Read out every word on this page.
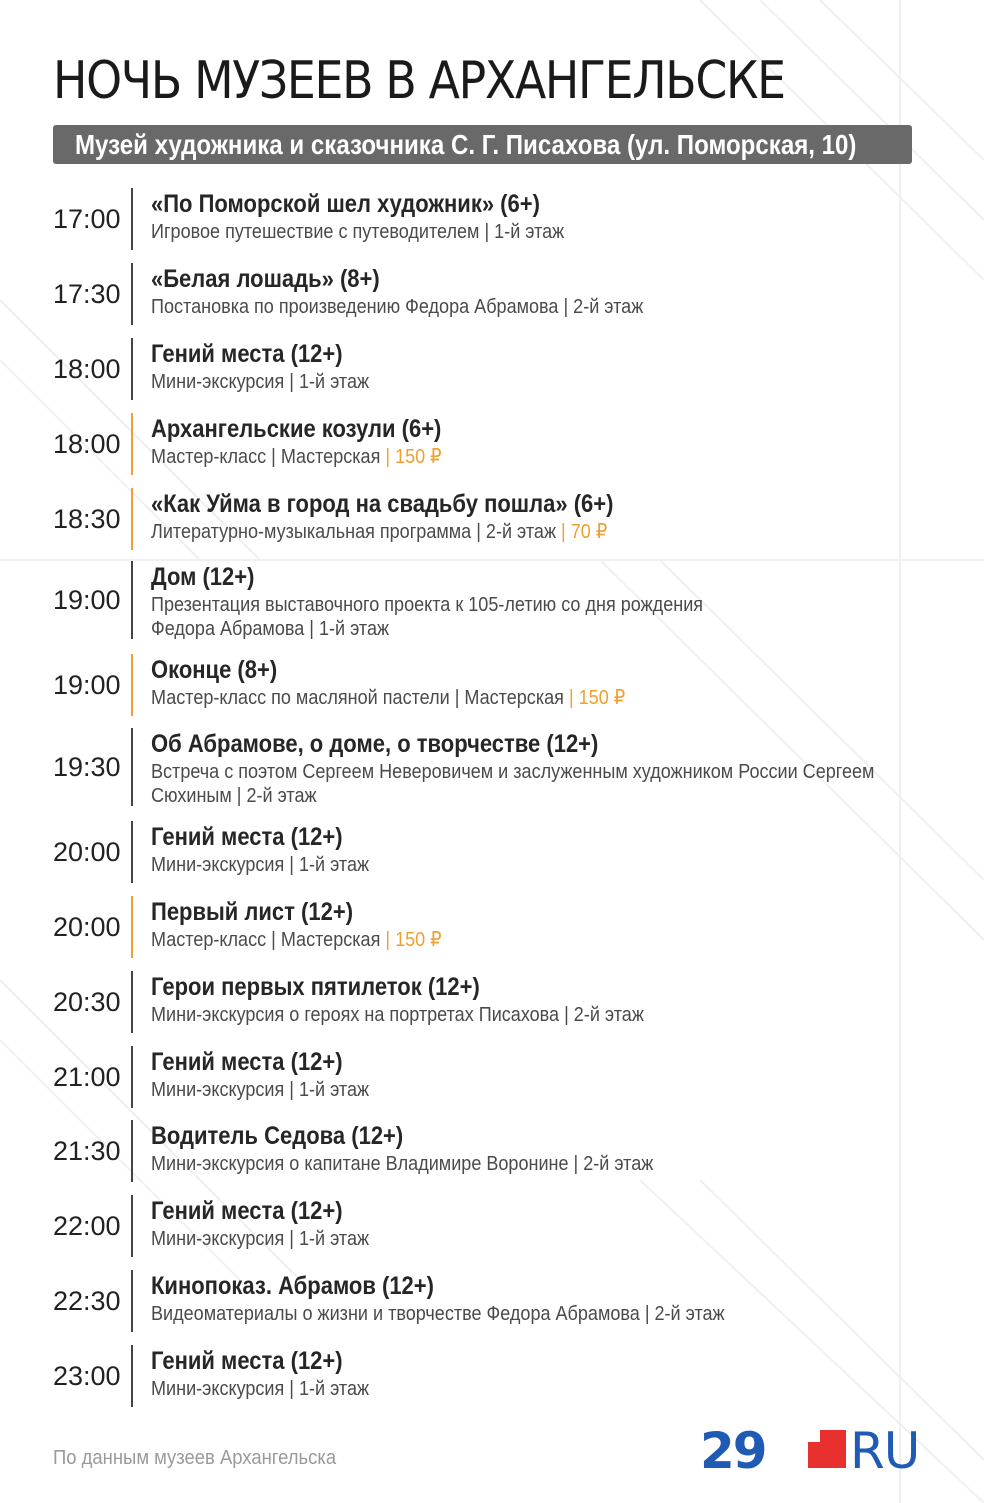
НОЧЬ МУЗЕЕВ В АРХАНГЕЛЬСКЕ
Музей художника и сказочника С. Г. Писахова (ул. Поморская, 10)
17:00	«По Поморской шел художник» (6+)
Игровое путешествие с путеводителем | 1-й этаж
17:30	«Белая лошадь» (8+)
Постановка по произведению Федора Абрамова | 2-й этаж
18:00	Гений места (12+)
Мини-экскурсия | 1-й этаж
18:00	Архангельские козули (6+)
Мастер-класс | Мастерская | 150 ₽
18:30	«Как Уйма в город на свадьбу пошла» (6+)
Литературно-музыкальная программа | 2-й этаж | 70 ₽
19:00
Дом (12+)
Презентация выставочного проекта к 105-летию со дня рождения Федора Абрамова | 1-й этаж
19:00	Оконце (8+)
Мастер-класс по масляной пастели | Мастерская | 150 ₽
19:30
Об Абрамове, о доме, о творчестве (12+)
Встреча с поэтом Сергеем Неверовичем и заслуженным художником России Сергеем Сюхиным | 2-й этаж
20:00	Гений места (12+)
Мини-экскурсия | 1-й этаж
20:00	Первый лист (12+)
Мастер-класс | Мастерская | 150 ₽
20:30	Герои первых пятилеток (12+)
Мини-экскурсия о героях на портретах Писахова | 2-й этаж
21:00	Гений места (12+)
Мини-экскурсия | 1-й этаж
21:30	Водитель Седова (12+)
Мини-экскурсия о капитане Владимире Воронине | 2-й этаж
22:00	Гений места (12+)
Мини-экскурсия | 1-й этаж
22:30	Кинопоказ. Абрамов (12+)
Видеоматериалы о жизни и творчестве Федора Абрамова | 2-й этаж
23:00	Гений места (12+)
Мини-экскурсия | 1-й этаж
По данным музеев Архангельска	29 RU
